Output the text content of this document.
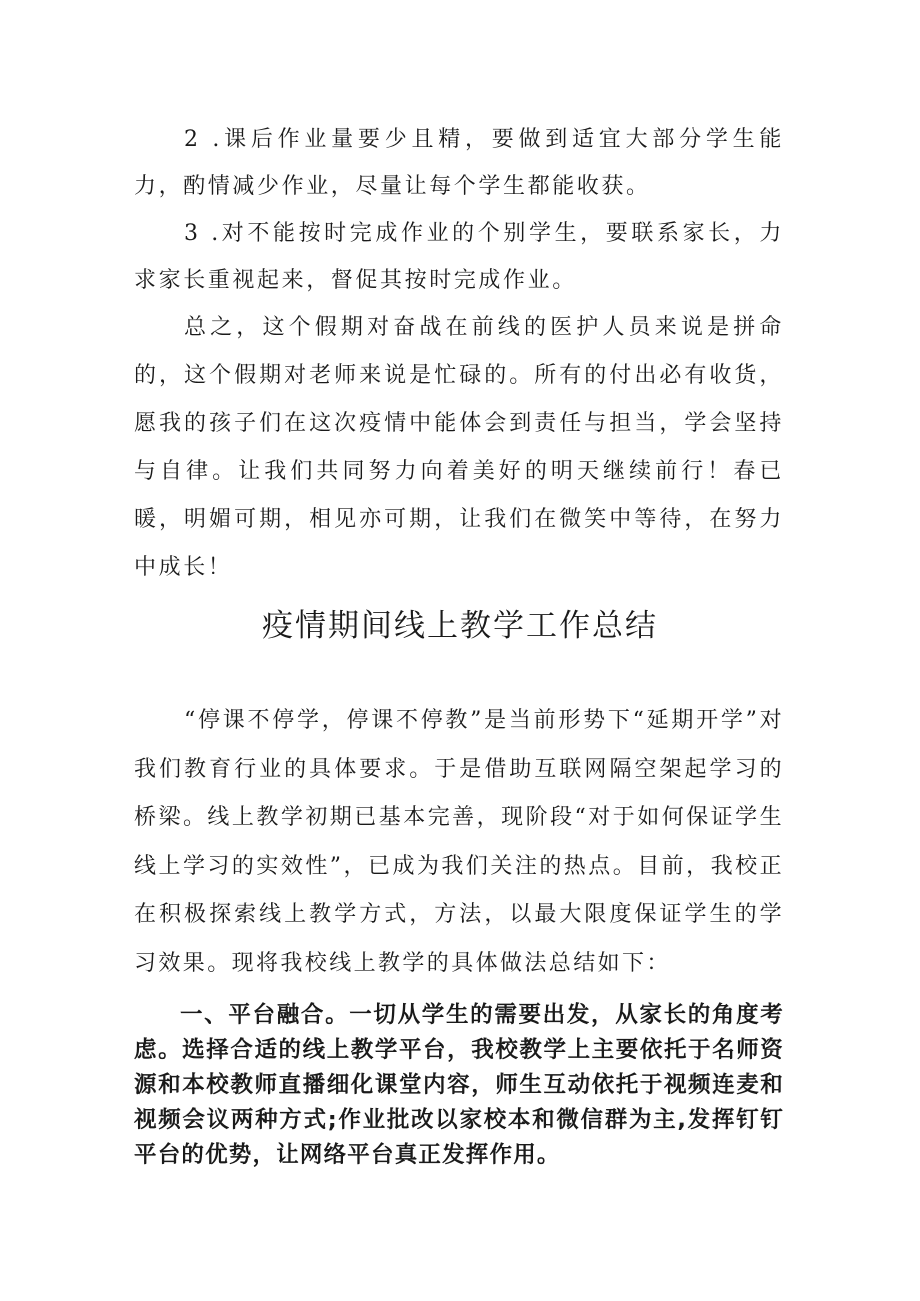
2 .课后作业量要少且精，要做到适宜大部分学生能力，酌情减少作业，尽量让每个学生都能收获。

3 .对不能按时完成作业的个别学生，要联系家长，力求家长重视起来，督促其按时完成作业。

总之，这个假期对奋战在前线的医护人员来说是拼命的，这个假期对老师来说是忙碌的。所有的付出必有收货，愿我的孩子们在这次疫情中能体会到责任与担当，学会坚持与自律。让我们共同努力向着美好的明天继续前行！春已暖，明媚可期，相见亦可期，让我们在微笑中等待，在努力中成长！

疫情期间线上教学工作总结

“停课不停学，停课不停教”是当前形势下“延期开学”对我们教育行业的具体要求。于是借助互联网隔空架起学习的桥梁。线上教学初期已基本完善，现阶段“对于如何保证学生线上学习的实效性”，已成为我们关注的热点。目前，我校正在积极探索线上教学方式，方法，以最大限度保证学生的学习效果。现将我校线上教学的具体做法总结如下：

一、平台融合。一切从学生的需要出发，从家长的角度考虑。选择合适的线上教学平台，我校教学上主要依托于名师资源和本校教师直播细化课堂内容，师生互动依托于视频连麦和视频会议两种方式;作业批改以家校本和微信群为主,发挥钉钉平台的优势，让网络平台真正发挥作用。
